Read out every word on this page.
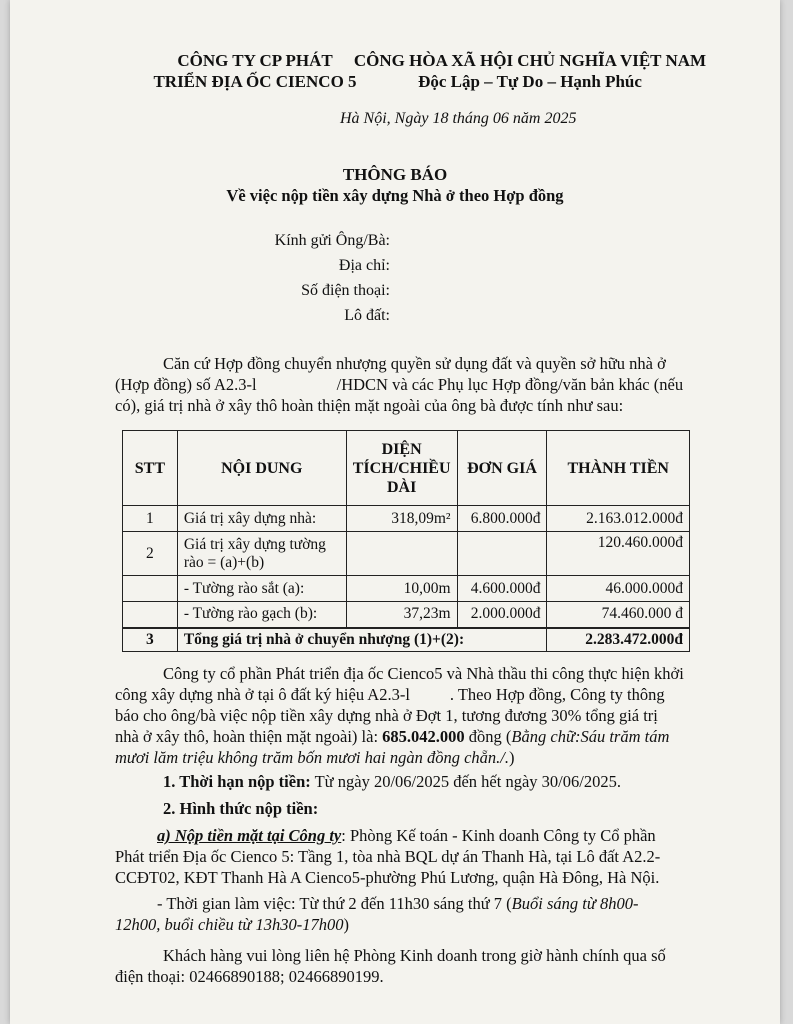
CÔNG TY CP PHÁT
TRIỂN ĐỊA ỐC CIENCO 5
CÔNG HÒA XÃ HỘI CHỦ NGHĨA VIỆT NAM
Độc Lập – Tự Do – Hạnh Phúc
Hà Nội, Ngày 18 tháng 06 năm 2025
THÔNG BÁO
Về việc nộp tiền xây dựng Nhà ở theo Hợp đồng
Kính gửi Ông/Bà:
Địa chỉ:
Số điện thoại:
Lô đất:
Căn cứ Hợp đồng chuyển nhượng quyền sử dụng đất và quyền sở hữu nhà ở
(Hợp đồng) số A2.3-l	/HDCN và các Phụ lục Hợp đồng/văn bản khác (nếu
có), giá trị nhà ở xây thô hoàn thiện mặt ngoài của ông bà được tính như sau:
STT	NỘI DUNG	DIỆN TÍCH/CHIỀU DÀI	ĐƠN GIÁ	THÀNH TIỀN
1	Giá trị xây dựng nhà:	318,09m²	6.800.000đ	2.163.012.000đ
2	Giá trị xây dựng tường rào = (a)+(b)			120.460.000đ
	- Tường rào sắt (a):	10,00m	4.600.000đ	46.000.000đ
	- Tường rào gạch (b):	37,23m	2.000.000đ	74.460.000 đ
3	Tổng giá trị nhà ở chuyển nhượng (1)+(2):			2.283.472.000đ
Công ty cổ phần Phát triển địa ốc Cienco5 và Nhà thầu thi công thực hiện khởi
công xây dựng nhà ở tại ô đất ký hiệu A2.3-l . Theo Hợp đồng, Công ty thông
báo cho ông/bà việc nộp tiền xây dựng nhà ở Đợt 1, tương đương 30% tổng giá trị
nhà ở xây thô, hoàn thiện mặt ngoài) là: 685.042.000 đồng (Bằng chữ:Sáu trăm tám
mươi lăm triệu không trăm bốn mươi hai ngàn đồng chẵn./.)
1. Thời hạn nộp tiền: Từ ngày 20/06/2025 đến hết ngày 30/06/2025.
2. Hình thức nộp tiền:
a) Nộp tiền mặt tại Công ty: Phòng Kế toán - Kinh doanh Công ty Cổ phần
Phát triển Địa ốc Cienco 5: Tầng 1, tòa nhà BQL dự án Thanh Hà, tại Lô đất A2.2-
CCĐT02, KĐT Thanh Hà A Cienco5-phường Phú Lương, quận Hà Đông, Hà Nội.
- Thời gian làm việc: Từ thứ 2 đến 11h30 sáng thứ 7 (Buổi sáng từ 8h00-
12h00, buổi chiều từ 13h30-17h00)
Khách hàng vui lòng liên hệ Phòng Kinh doanh trong giờ hành chính qua số
điện thoại: 02466890188; 02466890199.
